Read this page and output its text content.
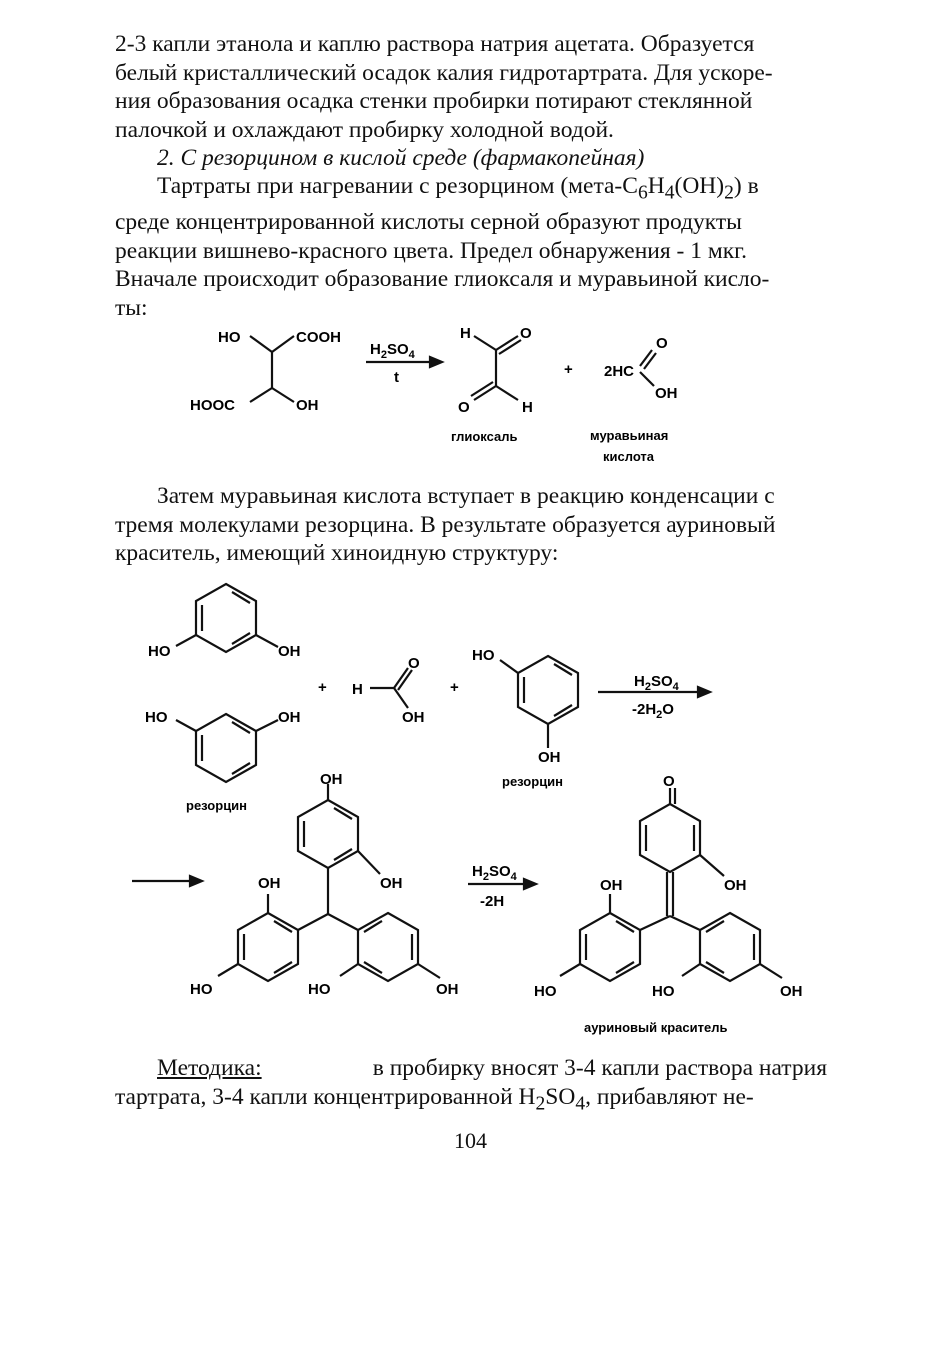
2-3 капли этанола и каплю раствора натрия ацетата. Образуется
белый кристаллический осадок калия гидротартрата. Для ускоре-
ния образования осадка стенки пробирки потирают стеклянной
палочкой и охлаждают пробирку холодной водой.
2. С резорцином в кислой среде (фармакопейная)
Тартраты при нагревании с резорцином $(мета-С_6H_4(OH)_2)$ в
среде концентрированной кислоты серной образуют продукты
реакции вишнево-красного цвета. Предел обнаружения - 1 мкг.
Вначале происходит образование глиоксаля и муравьиной кисло-
ты:
HO	COOH
HOOC	OH
$H_2SO_4$
t
H	O
O	H
+ 2HC
O
OH
глиоксаль	муравьиная
кислота
Затем муравьиная кислота вступает в реакцию конденсации с
тремя молекулами резорцина. В результате образуется ауриновый
краситель, имеющий хиноидную структуру:
HO	OH
HO	OH
резорцин
+ H
O
OH
+
HO
OH
резорцин
$H_2SO_4$
$-2H_2O$
OH
OH	OH
HO	HO	OH
$H_2SO_4$
-2H
O
OH
OH
HO	HO	OH
ауриновый краситель
Методика:	в пробирку вносят 3-4 капли раствора натрия
тартрата, 3-4 капли концентрированной $H_2SO_4$, прибавляют не-
104
